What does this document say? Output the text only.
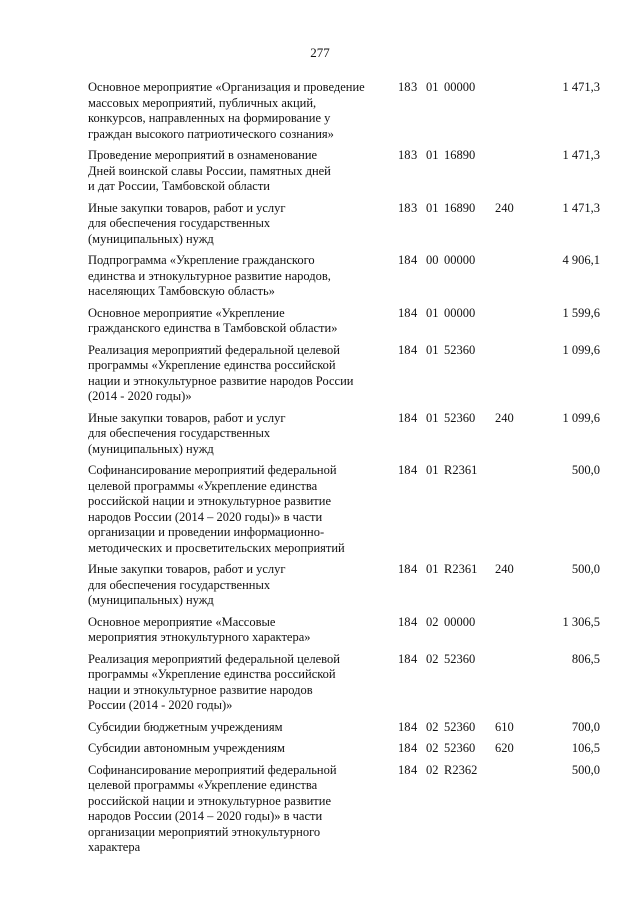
277
Основное мероприятие «Организация и проведение
массовых мероприятий, публичных акций,
конкурсов, направленных на формирование у
граждан высокого патриотического сознания»
18 3 01 00000	1 471,3
Проведение мероприятий в ознаменование
Дней воинской славы России, памятных дней
и дат России, Тамбовской области
18 3 01 16890	1 471,3
Иные закупки товаров, работ и услуг
для обеспечения государственных
(муниципальных) нужд
18 3 01 16890 240	1 471,3
Подпрограмма «Укрепление гражданского
единства и этнокультурное развитие народов,
населяющих Тамбовскую область»
18 4 00 00000	4 906,1
Основное мероприятие «Укрепление
гражданского единства в Тамбовской области»
18 4 01 00000	1 599,6
Реализация мероприятий федеральной целевой
программы «Укрепление единства российской
нации и этнокультурное развитие народов России
(2014 - 2020 годы)»
18 4 01 52360	1 099,6
Иные закупки товаров, работ и услуг
для обеспечения государственных
(муниципальных) нужд
18 4 01 52360 240	1 099,6
Софинансирование мероприятий федеральной
целевой программы «Укрепление единства
российской нации и этнокультурное развитие
народов России (2014 – 2020 годы)» в части
организации и проведении информационно-
методических и просветительских мероприятий
18 4 01 R2361	500,0
Иные закупки товаров, работ и услуг
для обеспечения государственных
(муниципальных) нужд
18 4 01 R2361 240	500,0
Основное мероприятие «Массовые
мероприятия этнокультурного характера»
18 4 02 00000	1 306,5
Реализация мероприятий федеральной целевой
программы «Укрепление единства российской
нации и этнокультурное развитие народов
России (2014 - 2020 годы)»
18 4 02 52360	806,5
Субсидии бюджетным учреждениям	18 4 02 52360 610	700,0
Субсидии автономным учреждениям	18 4 02 52360 620	106,5
Софинансирование мероприятий федеральной
целевой программы «Укрепление единства
российской нации и этнокультурное развитие
народов России (2014 – 2020 годы)» в части
организации мероприятий этнокультурного
характера
18 4 02 R2362	500,0
